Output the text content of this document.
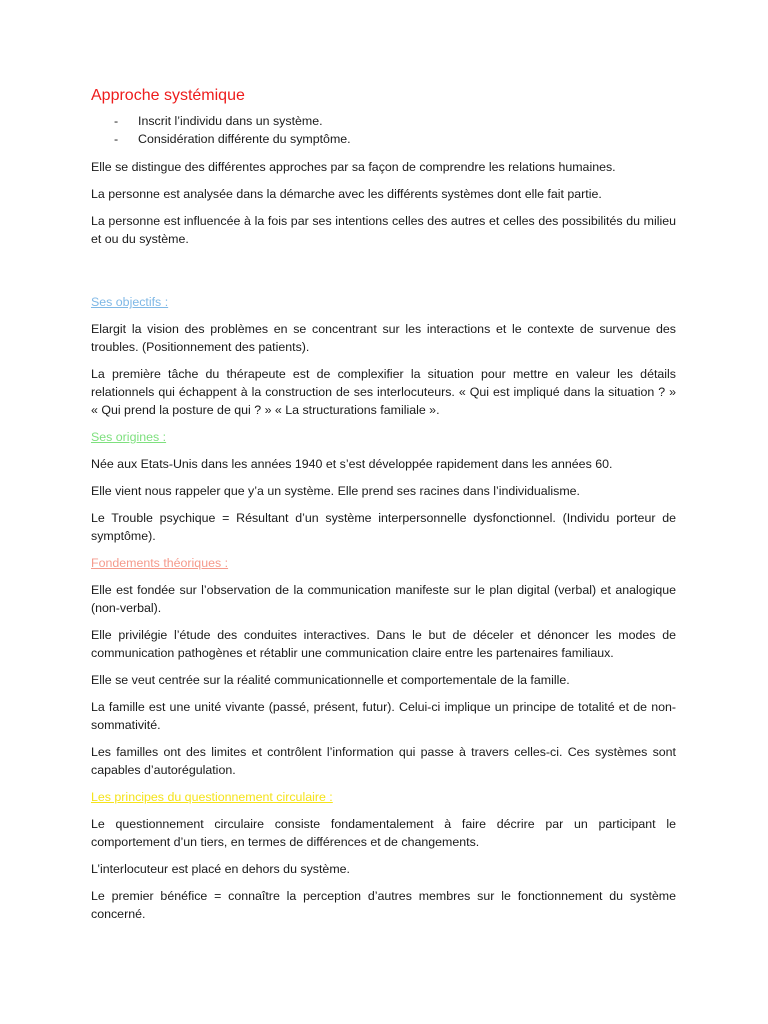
Approche systémique
- Inscrit l’individu dans un système.
- Considération différente du symptôme.

Elle se distingue des différentes approches par sa façon de comprendre les relations humaines.

La personne est analysée dans la démarche avec les différents systèmes dont elle fait partie.

La personne est influencée à la fois par ses intentions celles des autres et celles des possibilités du milieu et ou du système.

Ses objectifs :

Elargit la vision des problèmes en se concentrant sur les interactions et le contexte de survenue des troubles. (Positionnement des patients).

La première tâche du thérapeute est de complexifier la situation pour mettre en valeur les détails relationnels qui échappent à la construction de ses interlocuteurs. « Qui est impliqué dans la situation ? » « Qui prend la posture de qui ? » « La structurations familiale ».

Ses origines :

Née aux Etats-Unis dans les années 1940 et s’est développée rapidement dans les années 60.

Elle vient nous rappeler que y’a un système. Elle prend ses racines dans l’individualisme.

Le Trouble psychique = Résultant d’un système interpersonnelle dysfonctionnel. (Individu porteur de symptôme).

Fondements théoriques :

Elle est fondée sur l’observation de la communication manifeste sur le plan digital (verbal) et analogique (non-verbal).

Elle privilégie l’étude des conduites interactives. Dans le but de déceler et dénoncer les modes de communication pathogènes et rétablir une communication claire entre les partenaires familiaux.

Elle se veut centrée sur la réalité communicationnelle et comportementale de la famille.

La famille est une unité vivante (passé, présent, futur). Celui-ci implique un principe de totalité et de non-sommativité.

Les familles ont des limites et contrôlent l’information qui passe à travers celles-ci. Ces systèmes sont capables d’autorégulation.

Les principes du questionnement circulaire :

Le questionnement circulaire consiste fondamentalement à faire décrire par un participant le comportement d’un tiers, en termes de différences et de changements.

L’interlocuteur est placé en dehors du système.

Le premier bénéfice = connaître la perception d’autres membres sur le fonctionnement du système concerné.
